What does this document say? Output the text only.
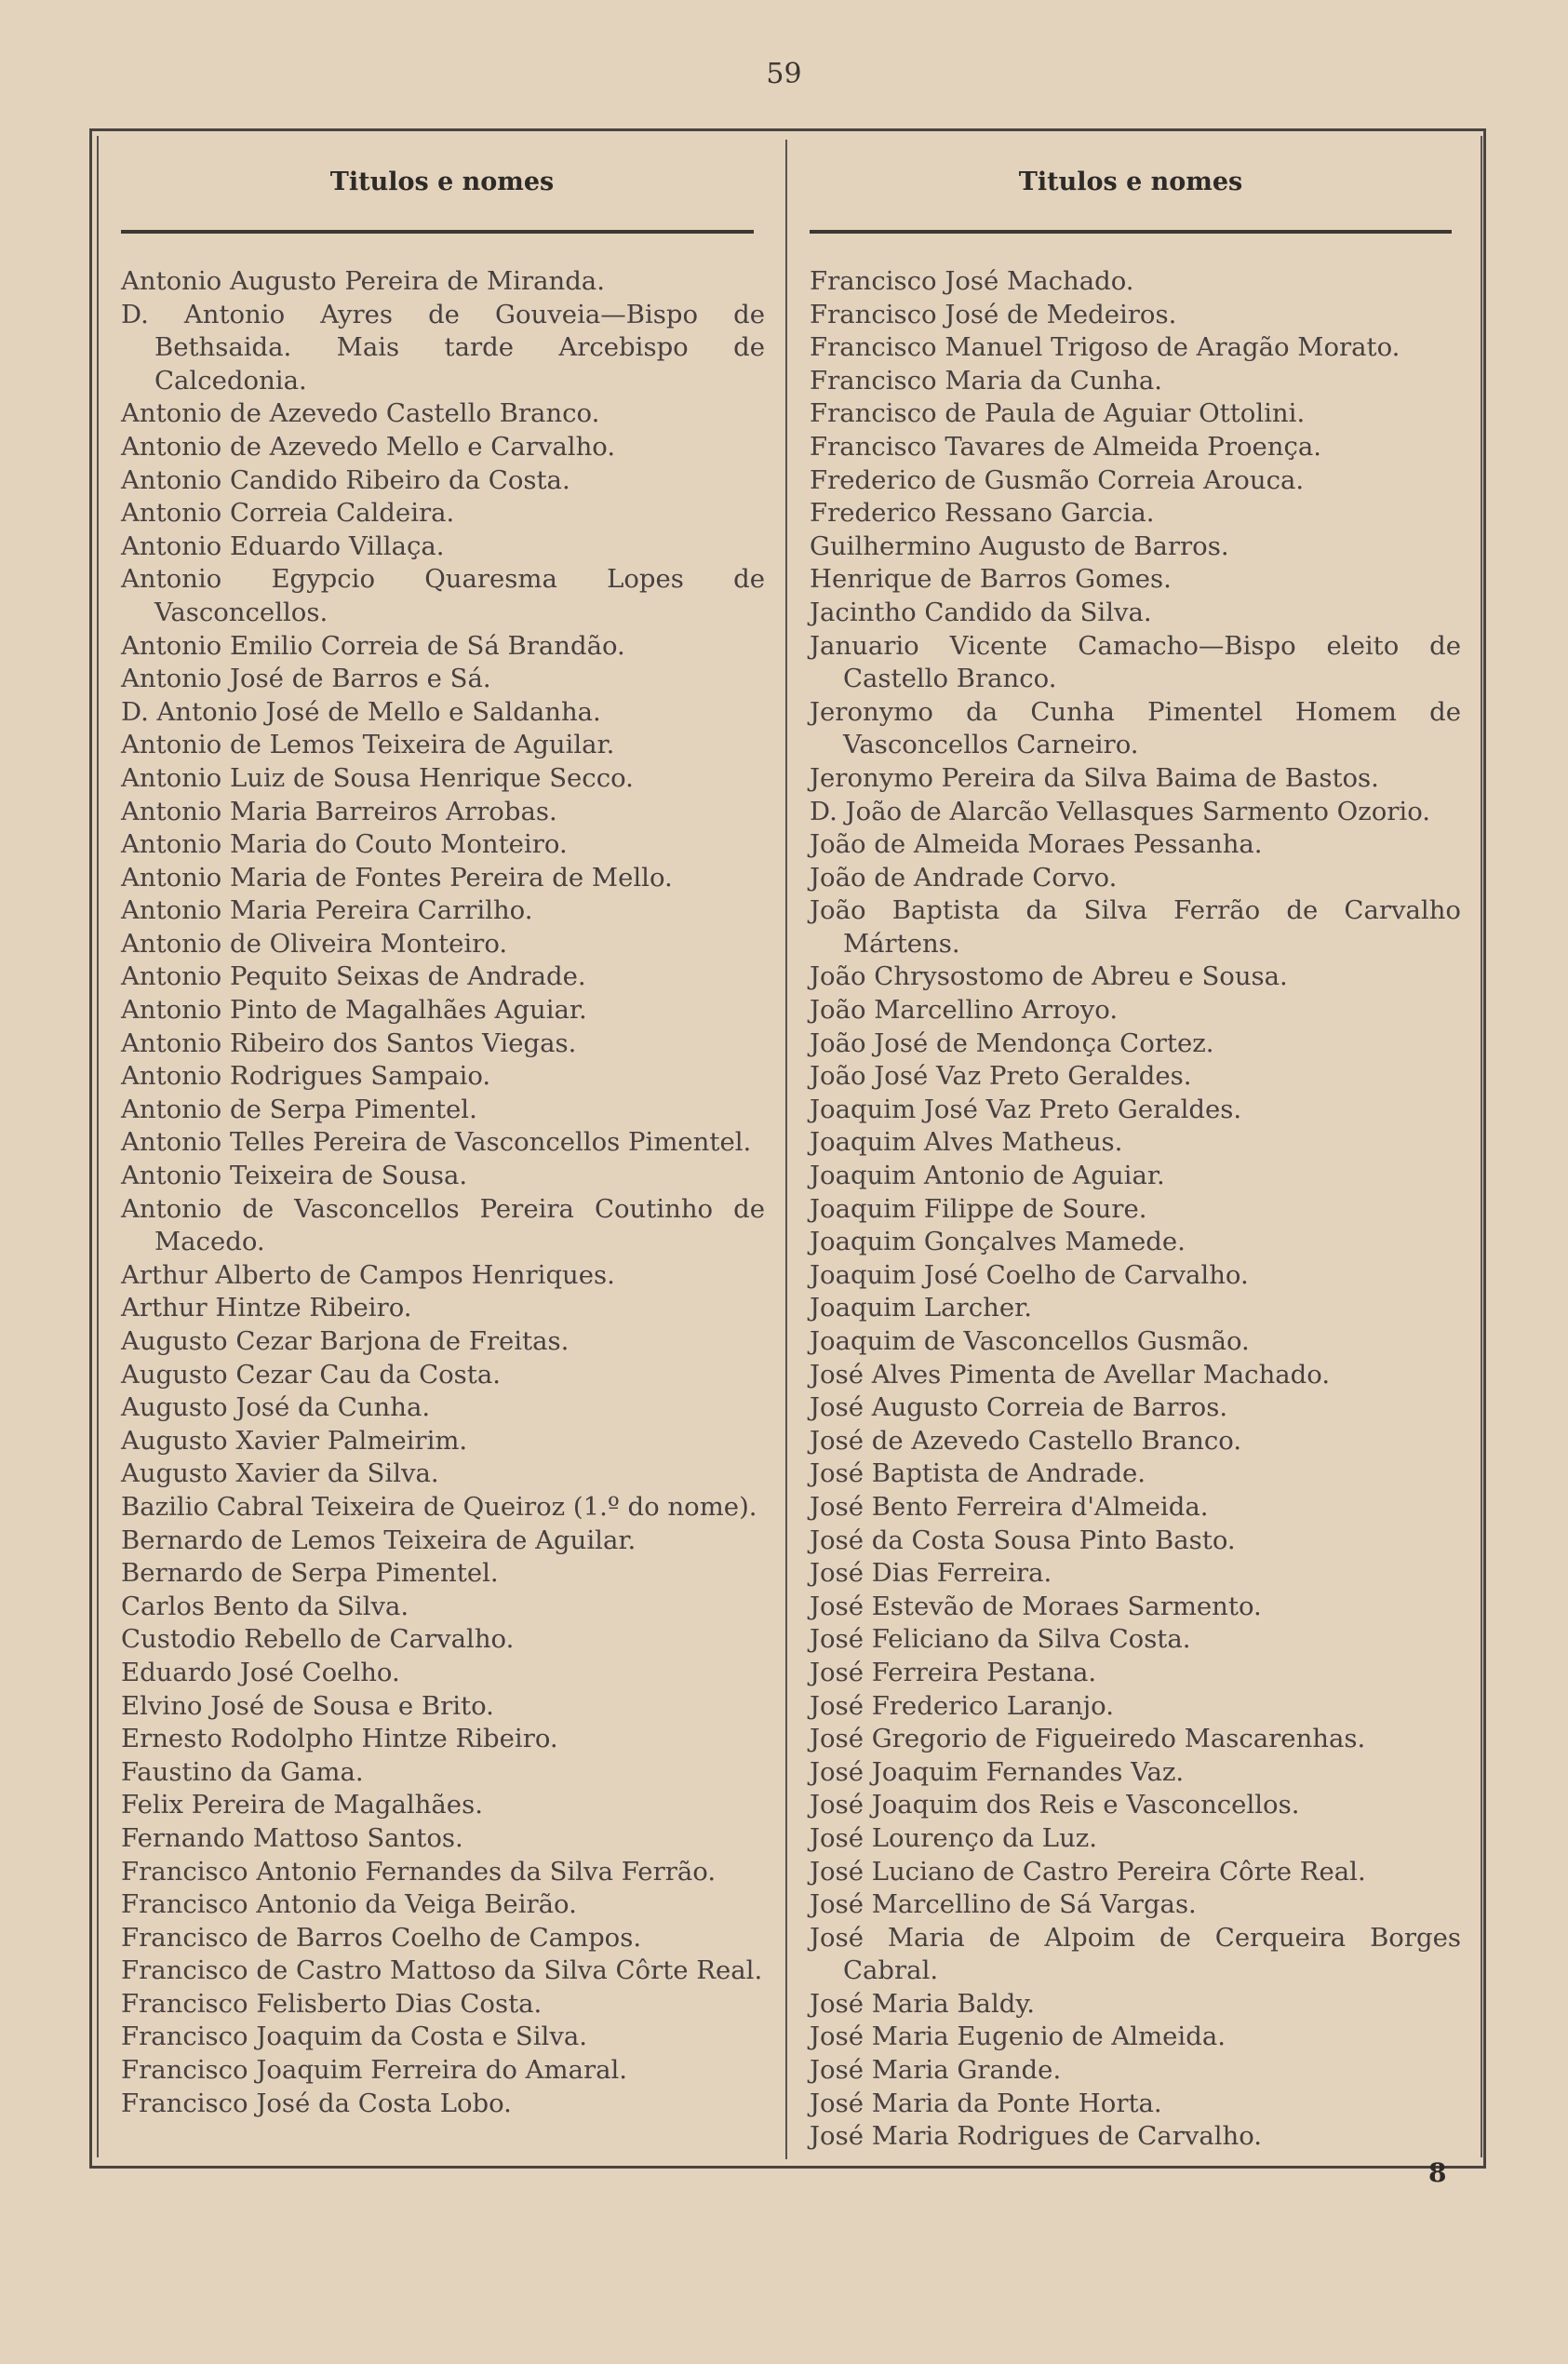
59
Titulos e nomes	Titulos e nomes
Antonio Augusto Pereira de Miranda.
D. Antonio Ayres de Gouveia—Bispo de Bethsaida. Mais tarde Arcebispo de Calcedonia.
Antonio de Azevedo Castello Branco.
Antonio de Azevedo Mello e Carvalho.
Antonio Candido Ribeiro da Costa.
Antonio Correia Caldeira.
Antonio Eduardo Villaça.
Antonio Egypcio Quaresma Lopes de Vasconcellos.
Antonio Emilio Correia de Sá Brandão.
Antonio José de Barros e Sá.
D. Antonio José de Mello e Saldanha.
Antonio de Lemos Teixeira de Aguilar.
Antonio Luiz de Sousa Henrique Secco.
Antonio Maria Barreiros Arrobas.
Antonio Maria do Couto Monteiro.
Antonio Maria de Fontes Pereira de Mello.
Antonio Maria Pereira Carrilho.
Antonio de Oliveira Monteiro.
Antonio Pequito Seixas de Andrade.
Antonio Pinto de Magalhães Aguiar.
Antonio Ribeiro dos Santos Viegas.
Antonio Rodrigues Sampaio.
Antonio de Serpa Pimentel.
Antonio Telles Pereira de Vasconcellos Pimentel.
Antonio Teixeira de Sousa.
Antonio de Vasconcellos Pereira Coutinho de Macedo.
Arthur Alberto de Campos Henriques.
Arthur Hintze Ribeiro.
Augusto Cezar Barjona de Freitas.
Augusto Cezar Cau da Costa.
Augusto José da Cunha.
Augusto Xavier Palmeirim.
Augusto Xavier da Silva.
Bazilio Cabral Teixeira de Queiroz (1.º do nome).
Bernardo de Lemos Teixeira de Aguilar.
Bernardo de Serpa Pimentel.
Carlos Bento da Silva.
Custodio Rebello de Carvalho.
Eduardo José Coelho.
Elvino José de Sousa e Brito.
Ernesto Rodolpho Hintze Ribeiro.
Faustino da Gama.
Felix Pereira de Magalhães.
Fernando Mattoso Santos.
Francisco Antonio Fernandes da Silva Ferrão.
Francisco Antonio da Veiga Beirão.
Francisco de Barros Coelho de Campos.
Francisco de Castro Mattoso da Silva Côrte Real.
Francisco Felisberto Dias Costa.
Francisco Joaquim da Costa e Silva.
Francisco Joaquim Ferreira do Amaral.
Francisco José da Costa Lobo.
Francisco José Machado.
Francisco José de Medeiros.
Francisco Manuel Trigoso de Aragão Morato.
Francisco Maria da Cunha.
Francisco de Paula de Aguiar Ottolini.
Francisco Tavares de Almeida Proença.
Frederico de Gusmão Correia Arouca.
Frederico Ressano Garcia.
Guilhermino Augusto de Barros.
Henrique de Barros Gomes.
Jacintho Candido da Silva.
Januario Vicente Camacho—Bispo eleito de Castello Branco.
Jeronymo da Cunha Pimentel Homem de Vasconcellos Carneiro.
Jeronymo Pereira da Silva Baima de Bastos.
D. João de Alarcão Vellasques Sarmento Ozorio.
João de Almeida Moraes Pessanha.
João de Andrade Corvo.
João Baptista da Silva Ferrão de Carvalho Mártens.
João Chrysostomo de Abreu e Sousa.
João Marcellino Arroyo.
João José de Mendonça Cortez.
João José Vaz Preto Geraldes.
Joaquim José Vaz Preto Geraldes.
Joaquim Alves Matheus.
Joaquim Antonio de Aguiar.
Joaquim Filippe de Soure.
Joaquim Gonçalves Mamede.
Joaquim José Coelho de Carvalho.
Joaquim Larcher.
Joaquim de Vasconcellos Gusmão.
José Alves Pimenta de Avellar Machado.
José Augusto Correia de Barros.
José de Azevedo Castello Branco.
José Baptista de Andrade.
José Bento Ferreira d'Almeida.
José da Costa Sousa Pinto Basto.
José Dias Ferreira.
José Estevão de Moraes Sarmento.
José Feliciano da Silva Costa.
José Ferreira Pestana.
José Frederico Laranjo.
José Gregorio de Figueiredo Mascarenhas.
José Joaquim Fernandes Vaz.
José Joaquim dos Reis e Vasconcellos.
José Lourenço da Luz.
José Luciano de Castro Pereira Côrte Real.
José Marcellino de Sá Vargas.
José Maria de Alpoim de Cerqueira Borges Cabral.
José Maria Baldy.
José Maria Eugenio de Almeida.
José Maria Grande.
José Maria da Ponte Horta.
José Maria Rodrigues de Carvalho.
8
